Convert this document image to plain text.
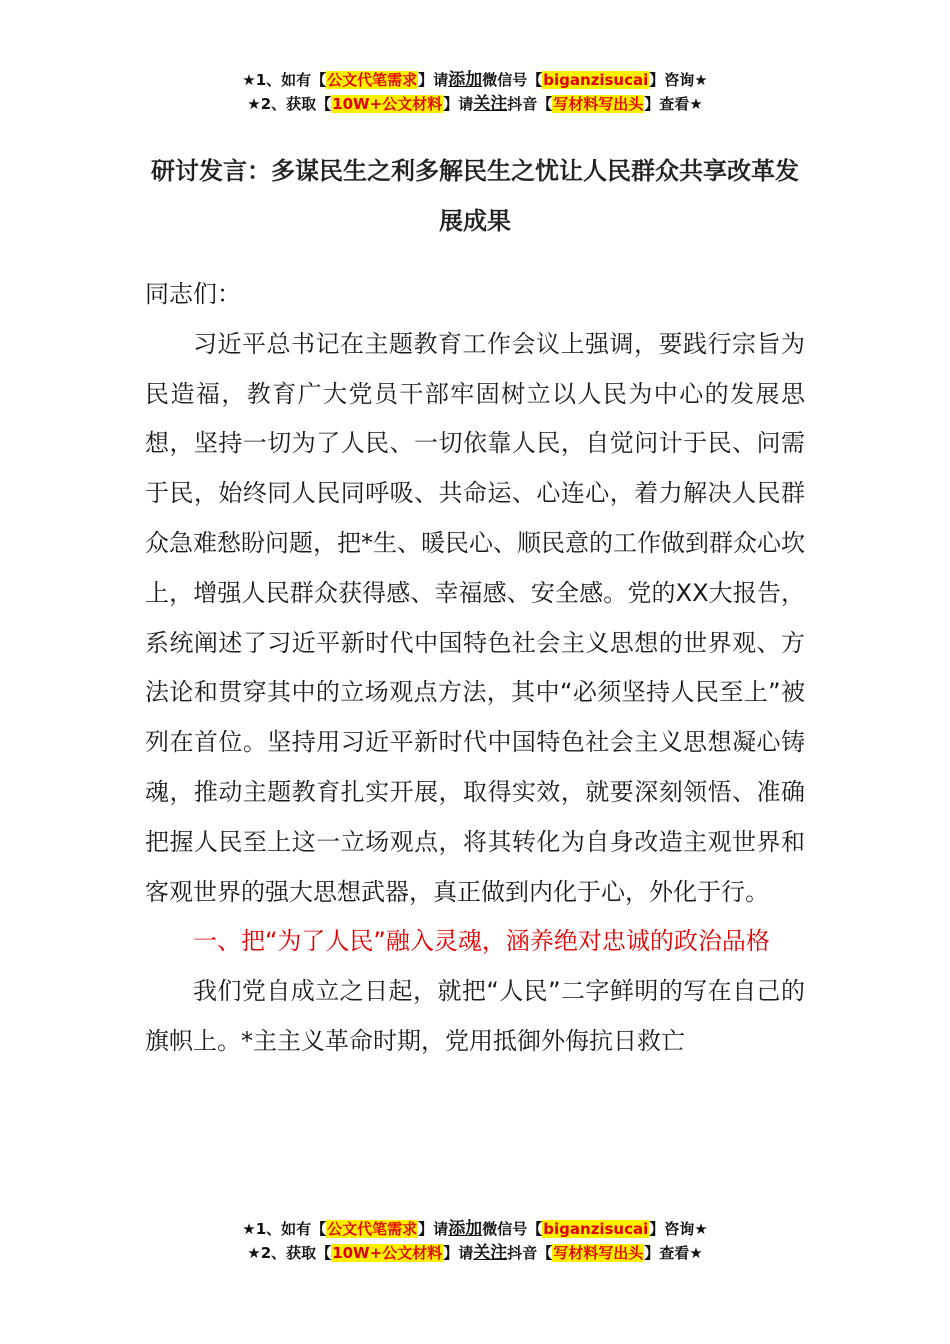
★1、如有【公文代笔需求】请添加微信号【biganzisucai】咨询★
★2、获取【10W+公文材料】请关注抖音【写材料写出头】查看★
研讨发言：多谋民生之利多解民生之忧让人民群众共享改革发展成果

同志们：

习近平总书记在主题教育工作会议上强调，要践行宗旨为民造福，教育广大党员干部牢固树立以人民为中心的发展思想，坚持一切为了人民、一切依靠人民，自觉问计于民、问需于民，始终同人民同呼吸、共命运、心连心，着力解决人民群众急难愁盼问题，把*生、暖民心、顺民意的工作做到群众心坎上，增强人民群众获得感、幸福感、安全感。党的XX大报告，系统阐述了习近平新时代中国特色社会主义思想的世界观、方法论和贯穿其中的立场观点方法，其中“必须坚持人民至上”被列在首位。坚持用习近平新时代中国特色社会主义思想凝心铸魂，推动主题教育扎实开展，取得实效，就要深刻领悟、准确把握人民至上这一立场观点，将其转化为自身改造主观世界和客观世界的强大思想武器，真正做到内化于心，外化于行。

一、把“为了人民”融入灵魂，涵养绝对忠诚的政治品格

我们党自成立之日起，就把“人民”二字鲜明的写在自己的旗帜上。*主主义革命时期，党用抵御外侮抗日救亡

★1、如有【公文代笔需求】请添加微信号【biganzisucai】咨询★
★2、获取【10W+公文材料】请关注抖音【写材料写出头】查看★
